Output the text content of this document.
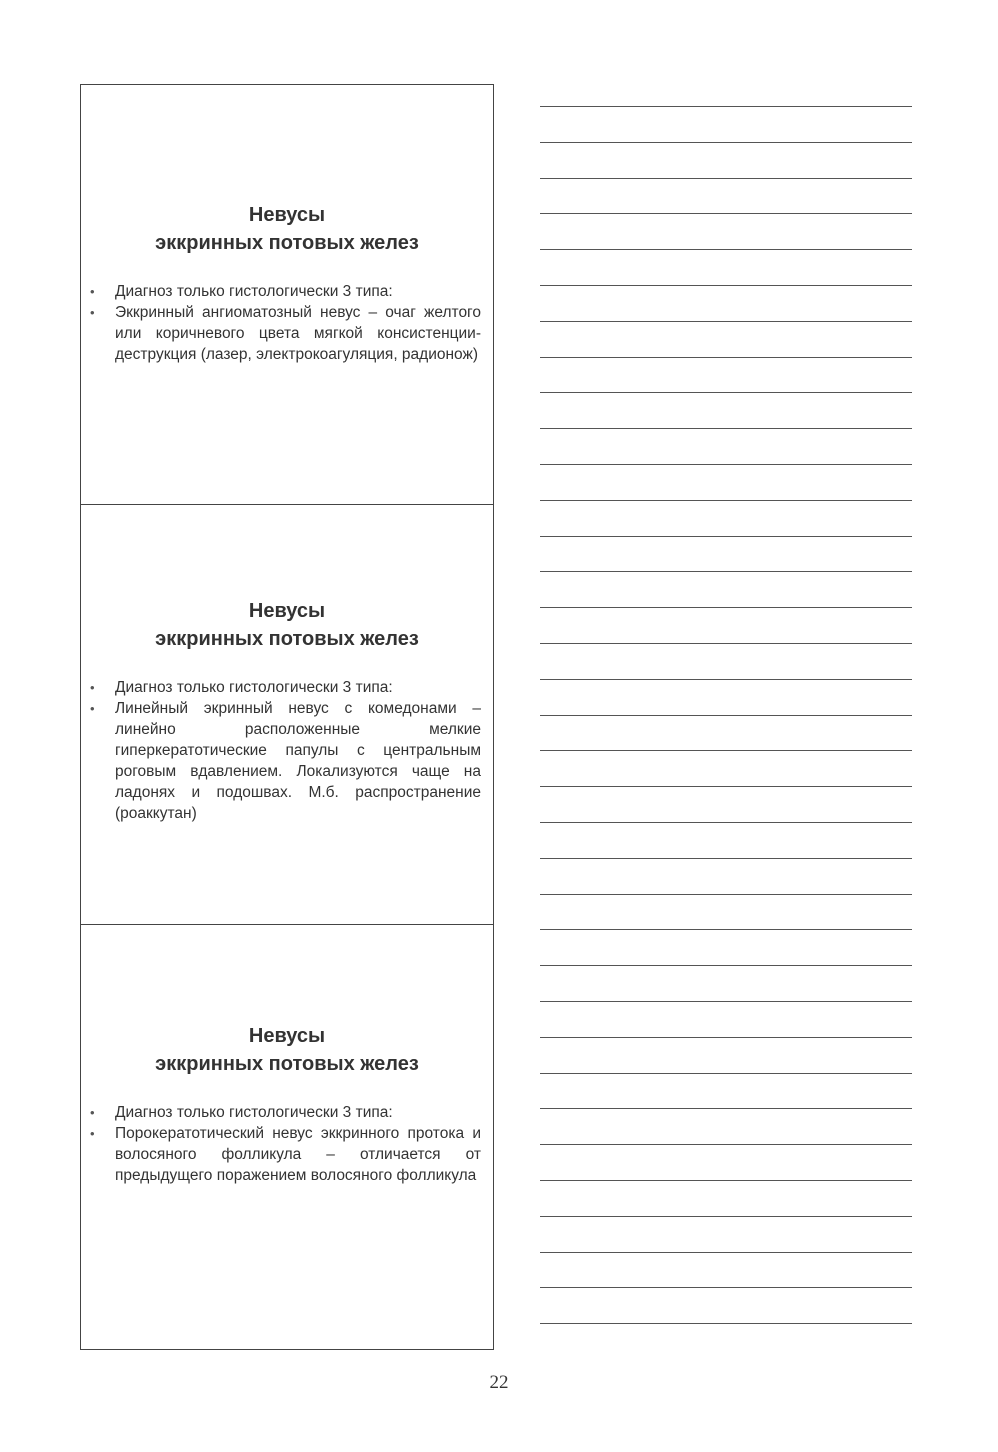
Невусы
эккринных потовых желез
• Диагноз только гистологически 3 типа:
• Эккринный ангиоматозный невус – очаг желтого или коричневого цвета мягкой консистенции-деструкция (лазер, электрокоагуляция, радионож)
Невусы
эккринных потовых желез
• Диагноз только гистологически 3 типа:
• Линейный экринный невус с комедонами – линейно расположенные мелкие гиперкератотические папулы с центральным роговым вдавлением. Локализуются чаще на ладонях и подошвах. М.б. распространение (роаккутан)
Невусы
эккринных потовых желез
• Диагноз только гистологически 3 типа:
• Порокератотический невус эккринного протока и волосяного фолликула – отличается от предыдущего поражением волосяного фолликула
22
